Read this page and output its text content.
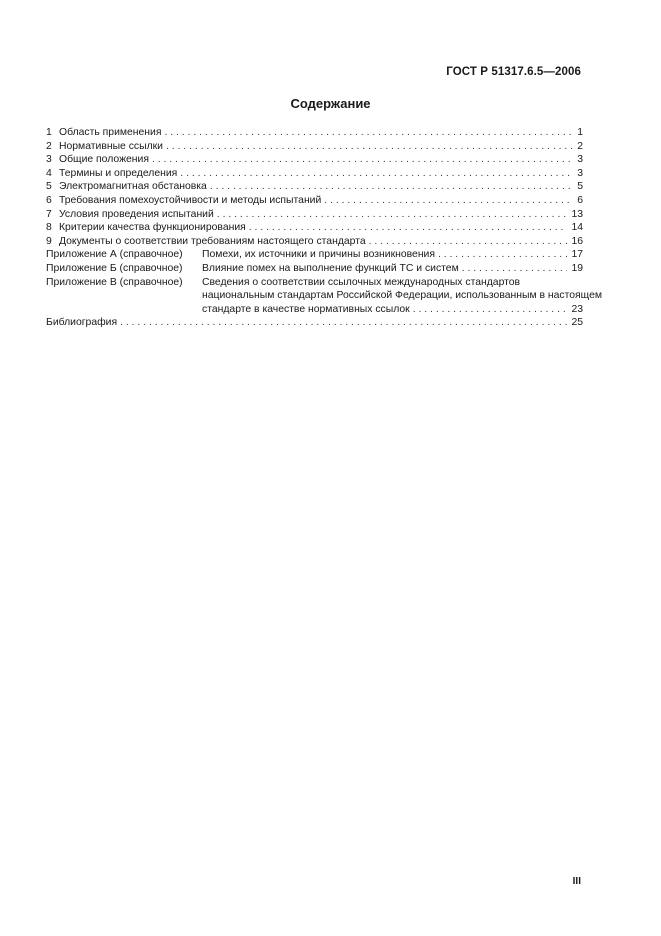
ГОСТ Р 51317.6.5—2006
Содержание
1 Область применения . . .	1
2 Нормативные ссылки . . .	2
3 Общие положения . . .	3
4 Термины и определения . . .	3
5 Электромагнитная обстановка . . .	5
6 Требования помехоустойчивости и методы испытаний . . .	6
7 Условия проведения испытаний . . .	13
8 Критерии качества функционирования . . .	14
9 Документы о соответствии требованиям настоящего стандарта . . .	16
Приложение А (справочное)	Помехи, их источники и причины возникновения . . .	17
Приложение Б (справочное)	Влияние помех на выполнение функций ТС и систем . . .	19
Приложение В (справочное)	Сведения о соответствии ссылочных международных стандартов
национальным стандартам Российской Федерации, использованным в настоящем
стандарте в качестве нормативных ссылок . . .	23
Библиография . . .	25
III
